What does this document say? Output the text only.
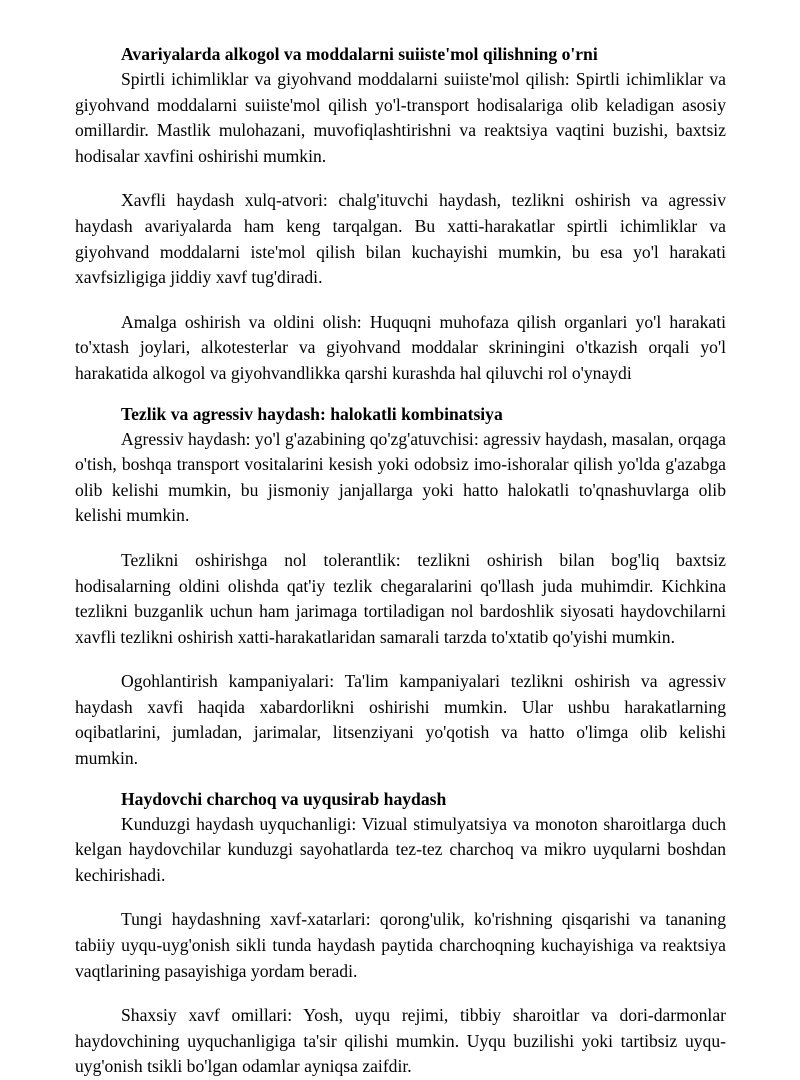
Avariyalarda alkogol va moddalarni suiiste'mol qilishning o'rni

Spirtli ichimliklar va giyohvand moddalarni suiiste'mol qilish: Spirtli ichimliklar va giyohvand moddalarni suiiste'mol qilish yo'l-transport hodisalariga olib keladigan asosiy omillardir. Mastlik mulohazani, muvofiqlashtirishni va reaktsiya vaqtini buzishi, baxtsiz hodisalar xavfini oshirishi mumkin.

Xavfli haydash xulq-atvori: chalg'ituvchi haydash, tezlikni oshirish va agressiv haydash avariyalarda ham keng tarqalgan. Bu xatti-harakatlar spirtli ichimliklar va giyohvand moddalarni iste'mol qilish bilan kuchayishi mumkin, bu esa yo'l harakati xavfsizligiga jiddiy xavf tug'diradi.

Amalga oshirish va oldini olish: Huquqni muhofaza qilish organlari yo'l harakati to'xtash joylari, alkotesterlar va giyohvand moddalar skriningini o'tkazish orqali yo'l harakatida alkogol va giyohvandlikka qarshi kurashda hal qiluvchi rol o'ynaydi

Tezlik va agressiv haydash: halokatli kombinatsiya

Agressiv haydash: yo'l g'azabining qo'zg'atuvchisi: agressiv haydash, masalan, orqaga o'tish, boshqa transport vositalarini kesish yoki odobsiz imo-ishoralar qilish yo'lda g'azabga olib kelishi mumkin, bu jismoniy janjallarga yoki hatto halokatli to'qnashuvlarga olib kelishi mumkin.

Tezlikni oshirishga nol tolerantlik: tezlikni oshirish bilan bog'liq baxtsiz hodisalarning oldini olishda qat'iy tezlik chegaralarini qo'llash juda muhimdir. Kichkina tezlikni buzganlik uchun ham jarimaga tortiladigan nol bardoshlik siyosati haydovchilarni xavfli tezlikni oshirish xatti-harakatlaridan samarali tarzda to'xtatib qo'yishi mumkin.

Ogohlantirish kampaniyalari: Ta'lim kampaniyalari tezlikni oshirish va agressiv haydash xavfi haqida xabardorlikni oshirishi mumkin. Ular ushbu harakatlarning oqibatlarini, jumladan, jarimalar, litsenziyani yo'qotish va hatto o'limga olib kelishi mumkin.

Haydovchi charchoq va uyqusirab haydash

Kunduzgi haydash uyquchanligi: Vizual stimulyatsiya va monoton sharoitlarga duch kelgan haydovchilar kunduzgi sayohatlarda tez-tez charchoq va mikro uyqularni boshdan kechirishadi.

Tungi haydashning xavf-xatarlari: qorong'ulik, ko'rishning qisqarishi va tananing tabiiy uyqu-uyg'onish sikli tunda haydash paytida charchoqning kuchayishiga va reaktsiya vaqtlarining pasayishiga yordam beradi.

Shaxsiy xavf omillari: Yosh, uyqu rejimi, tibbiy sharoitlar va dori-darmonlar haydovchining uyquchanligiga ta'sir qilishi mumkin. Uyqu buzilishi yoki tartibsiz uyqu-uyg'onish tsikli bo'lgan odamlar ayniqsa zaifdir.
